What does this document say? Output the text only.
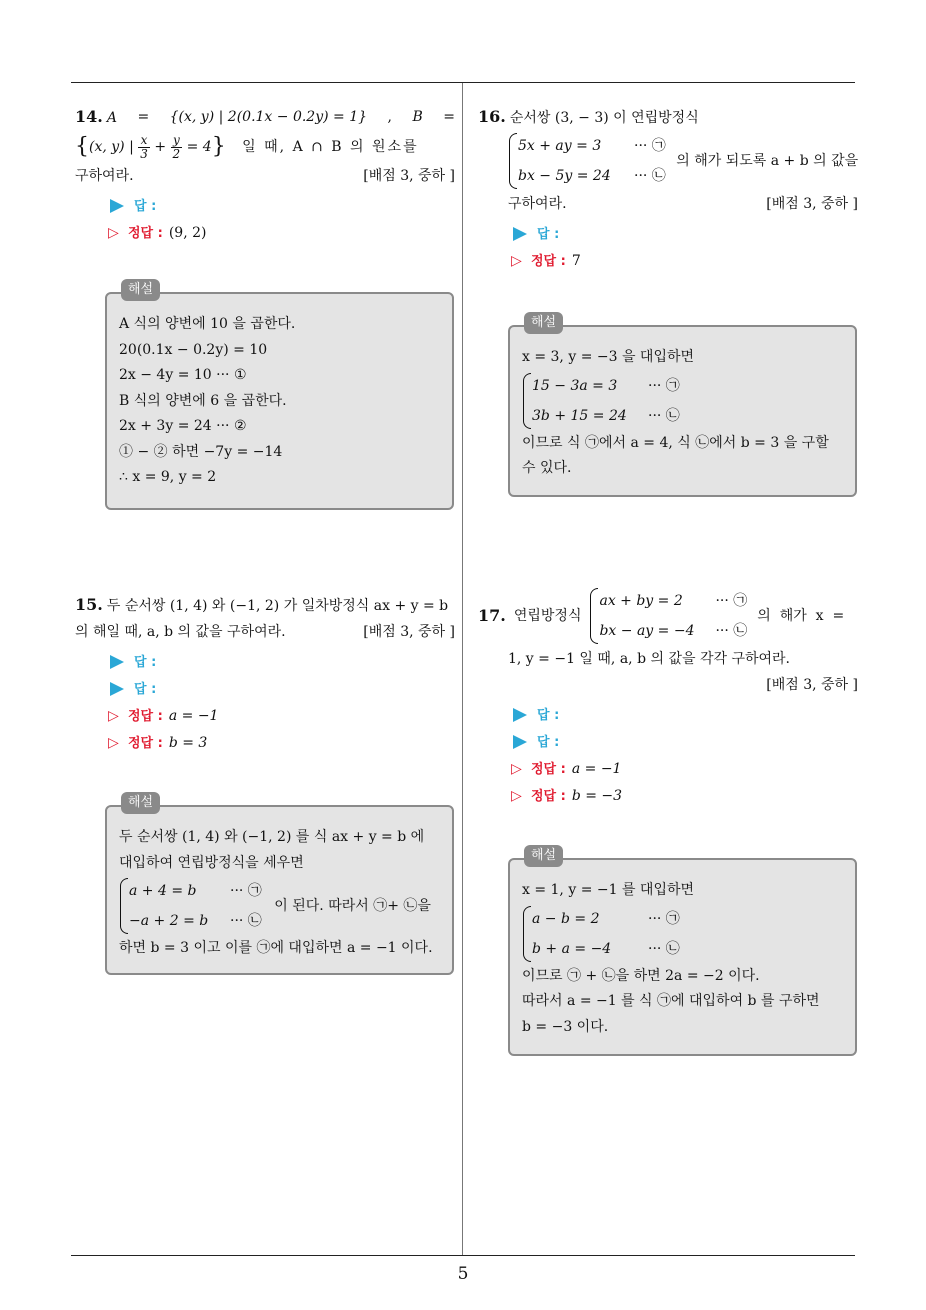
5
14. A = {(x, y) | 2(0.1x − 0.2y) = 1} , B =
{(x, y) | $\frac{x}{3} + \frac{y}{2} = 4$} 일 때, A ∩ B 의 원소를
구하여라.	[배점 3, 중하 ]
답 :
▷ 정답 : (9, 2)
해설
A 식의 양변에 10 을 곱한다.
20(0.1x − 0.2y) = 10
2x − 4y = 10 ··· ①
B 식의 양변에 6 을 곱한다.
2x + 3y = 24 ··· ②
① − ② 하면 −7y = −14
∴ x = 9, y = 2
15. 두 순서쌍 (1, 4) 와 (−1, 2) 가 일차방정식 ax + y = b
의 해일 때, a, b 의 값을 구하여라.	[배점 3, 중하 ]
답 :
답 :
▷ 정답 : a = −1
▷ 정답 : b = 3
해설
두 순서쌍 (1, 4) 와 (−1, 2) 를 식 ax + y = b 에
대입하여 연립방정식을 세우면
a + 4 = b	··· ㉠
−a + 2 = b	··· ㉡
이 된다. 따라서 ㉠+ ㉡을
하면 b = 3 이고 이를 ㉠에 대입하면 a = −1 이다.
16. 순서쌍 (3, − 3) 이 연립방정식
5x + ay = 3	··· ㉠
bx − 5y = 24	··· ㉡
의 해가 되도록 a + b 의 값을
구하여라.	[배점 3, 중하 ]
답 :
▷ 정답 : 7
해설
x = 3, y = −3 을 대입하면
15 − 3a = 3	··· ㉠
3b + 15 = 24	··· ㉡
이므로 식 ㉠에서 a = 4, 식 ㉡에서 b = 3 을 구할
수 있다.
17. 연립방정식
ax + by = 2	··· ㉠
bx − ay = −4	··· ㉡
의  해가  x  =
1, y = −1 일 때, a, b 의 값을 각각 구하여라.
[배점 3, 중하 ]
답 :
답 :
▷ 정답 : a = −1
▷ 정답 : b = −3
해설
x = 1, y = −1 를 대입하면
a − b = 2	··· ㉠
b + a = −4	··· ㉡
이므로 ㉠ + ㉡을 하면 2a = −2 이다.
따라서 a = −1 를 식 ㉠에 대입하여 b 를 구하면
b = −3 이다.
